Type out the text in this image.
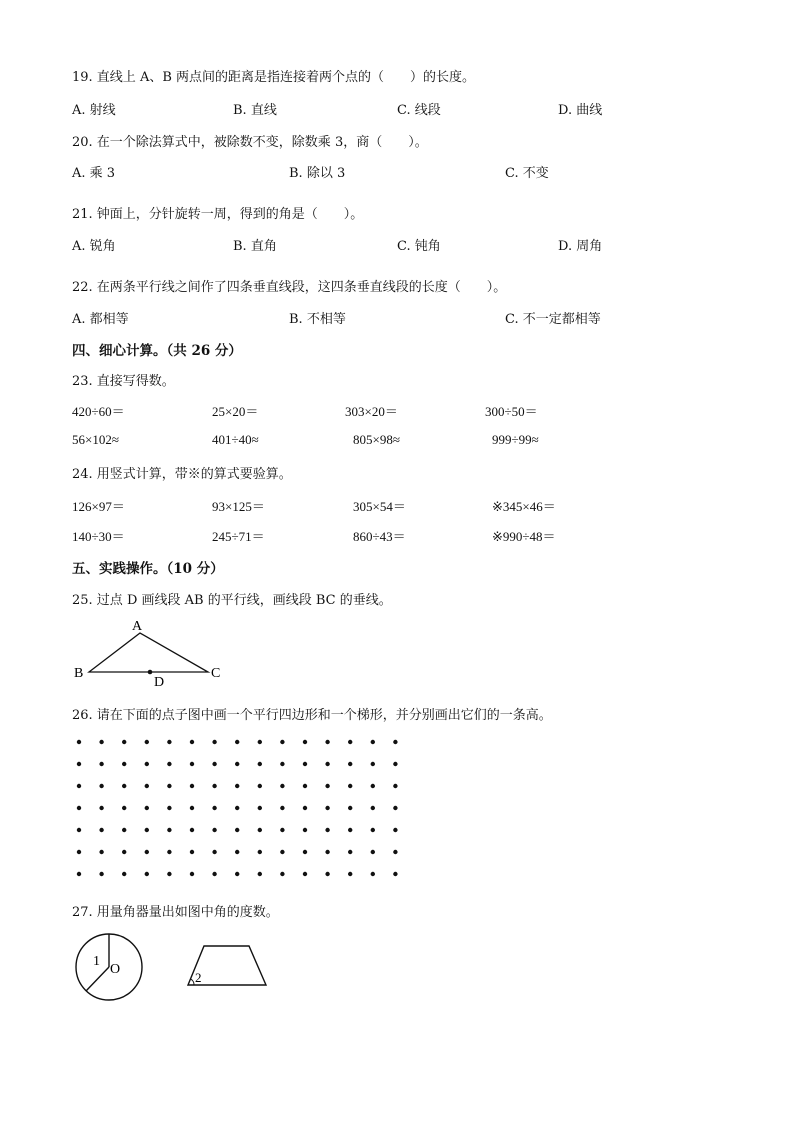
19. 直线上 A、B 两点间的距离是指连接着两个点的（　　）的长度。
A. 射线	B. 直线	C. 线段	D. 曲线
20. 在一个除法算式中，被除数不变，除数乘 3，商（　　）。
A. 乘 3	B. 除以 3	C. 不变
21. 钟面上，分针旋转一周，得到的角是（　　）。
A. 锐角	B. 直角	C. 钝角	D. 周角
22. 在两条平行线之间作了四条垂直线段，这四条垂直线段的长度（　　）。
A. 都相等	B. 不相等	C. 不一定都相等
四、细心计算。（共 26 分）
23. 直接写得数。
420÷60＝	25×20＝	303×20＝	300÷50＝
56×102≈	401÷40≈	805×98≈	999÷99≈
24. 用竖式计算，带※的算式要验算。
126×97＝	93×125＝	305×54＝	※345×46＝
140÷30＝	245÷71＝	860÷43＝	※990÷48＝
五、实践操作。（10 分）
25. 过点 D 画线段 AB 的平行线，画线段 BC 的垂线。
A
B	C
D
26. 请在下面的点子图中画一个平行四边形和一个梯形，并分别画出它们的一条高。
27. 用量角器量出如图中角的度数。
1
O
2
